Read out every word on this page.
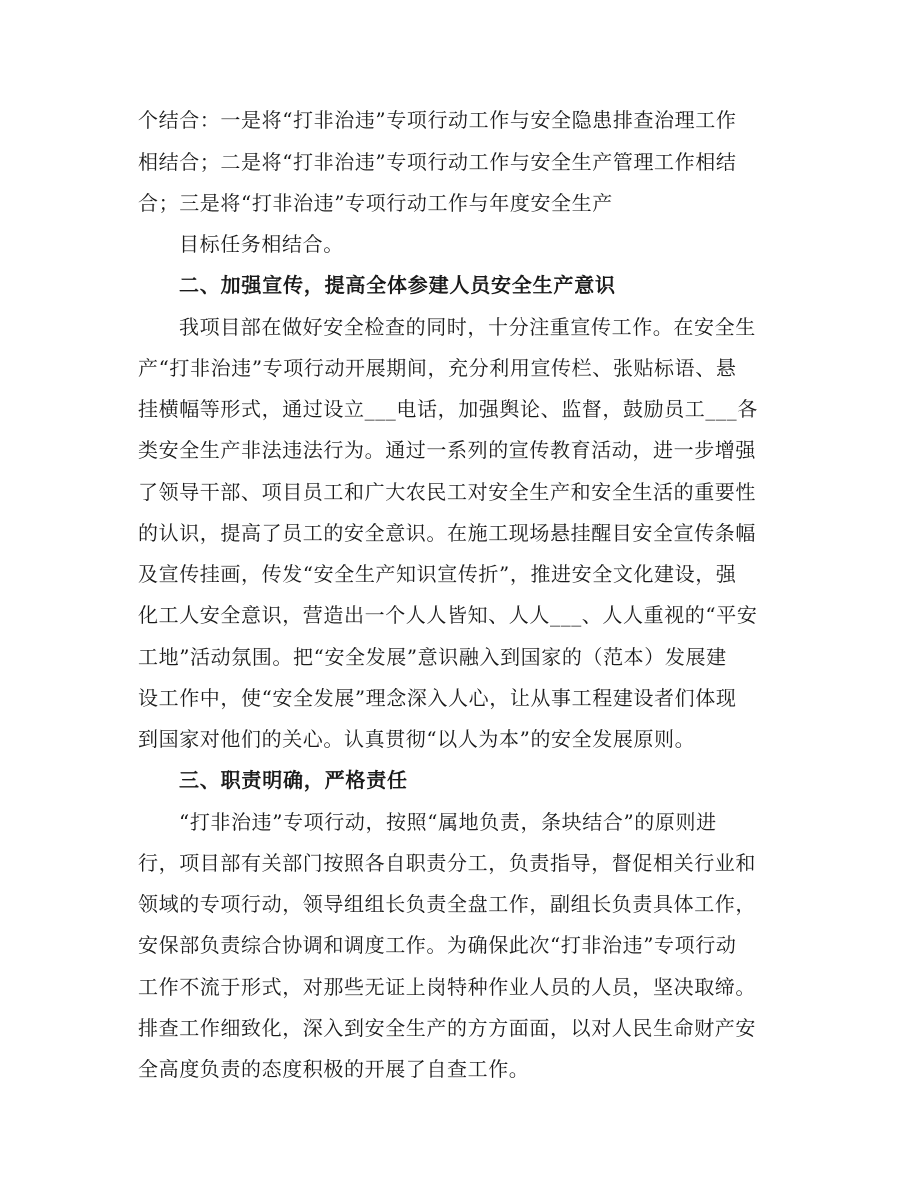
个结合：一是将“打非治违”专项行动工作与安全隐患排查治理工作
相结合；二是将“打非治违”专项行动工作与安全生产管理工作相结
合；三是将“打非治违”专项行动工作与年度安全生产
目标任务相结合。
二、加强宣传，提高全体参建人员安全生产意识
我项目部在做好安全检查的同时，十分注重宣传工作。在安全生
产“打非治违”专项行动开展期间，充分利用宣传栏、张贴标语、悬
挂横幅等形式，通过设立___电话，加强舆论、监督，鼓励员工___各
类安全生产非法违法行为。通过一系列的宣传教育活动，进一步增强
了领导干部、项目员工和广大农民工对安全生产和安全生活的重要性
的认识，提高了员工的安全意识。在施工现场悬挂醒目安全宣传条幅
及宣传挂画，传发“安全生产知识宣传折”，推进安全文化建设，强
化工人安全意识，营造出一个人人皆知、人人___、人人重视的“平安
工地”活动氛围。把“安全发展”意识融入到国家的（范本）发展建
设工作中，使“安全发展”理念深入人心，让从事工程建设者们体现
到国家对他们的关心。认真贯彻“以人为本”的安全发展原则。
三、职责明确，严格责任
“打非治违”专项行动，按照“属地负责，条块结合”的原则进
行，项目部有关部门按照各自职责分工，负责指导，督促相关行业和
领域的专项行动，领导组组长负责全盘工作，副组长负责具体工作，
安保部负责综合协调和调度工作。为确保此次“打非治违”专项行动
工作不流于形式，对那些无证上岗特种作业人员的人员，坚决取缔。
排查工作细致化，深入到安全生产的方方面面，以对人民生命财产安
全高度负责的态度积极的开展了自查工作。
